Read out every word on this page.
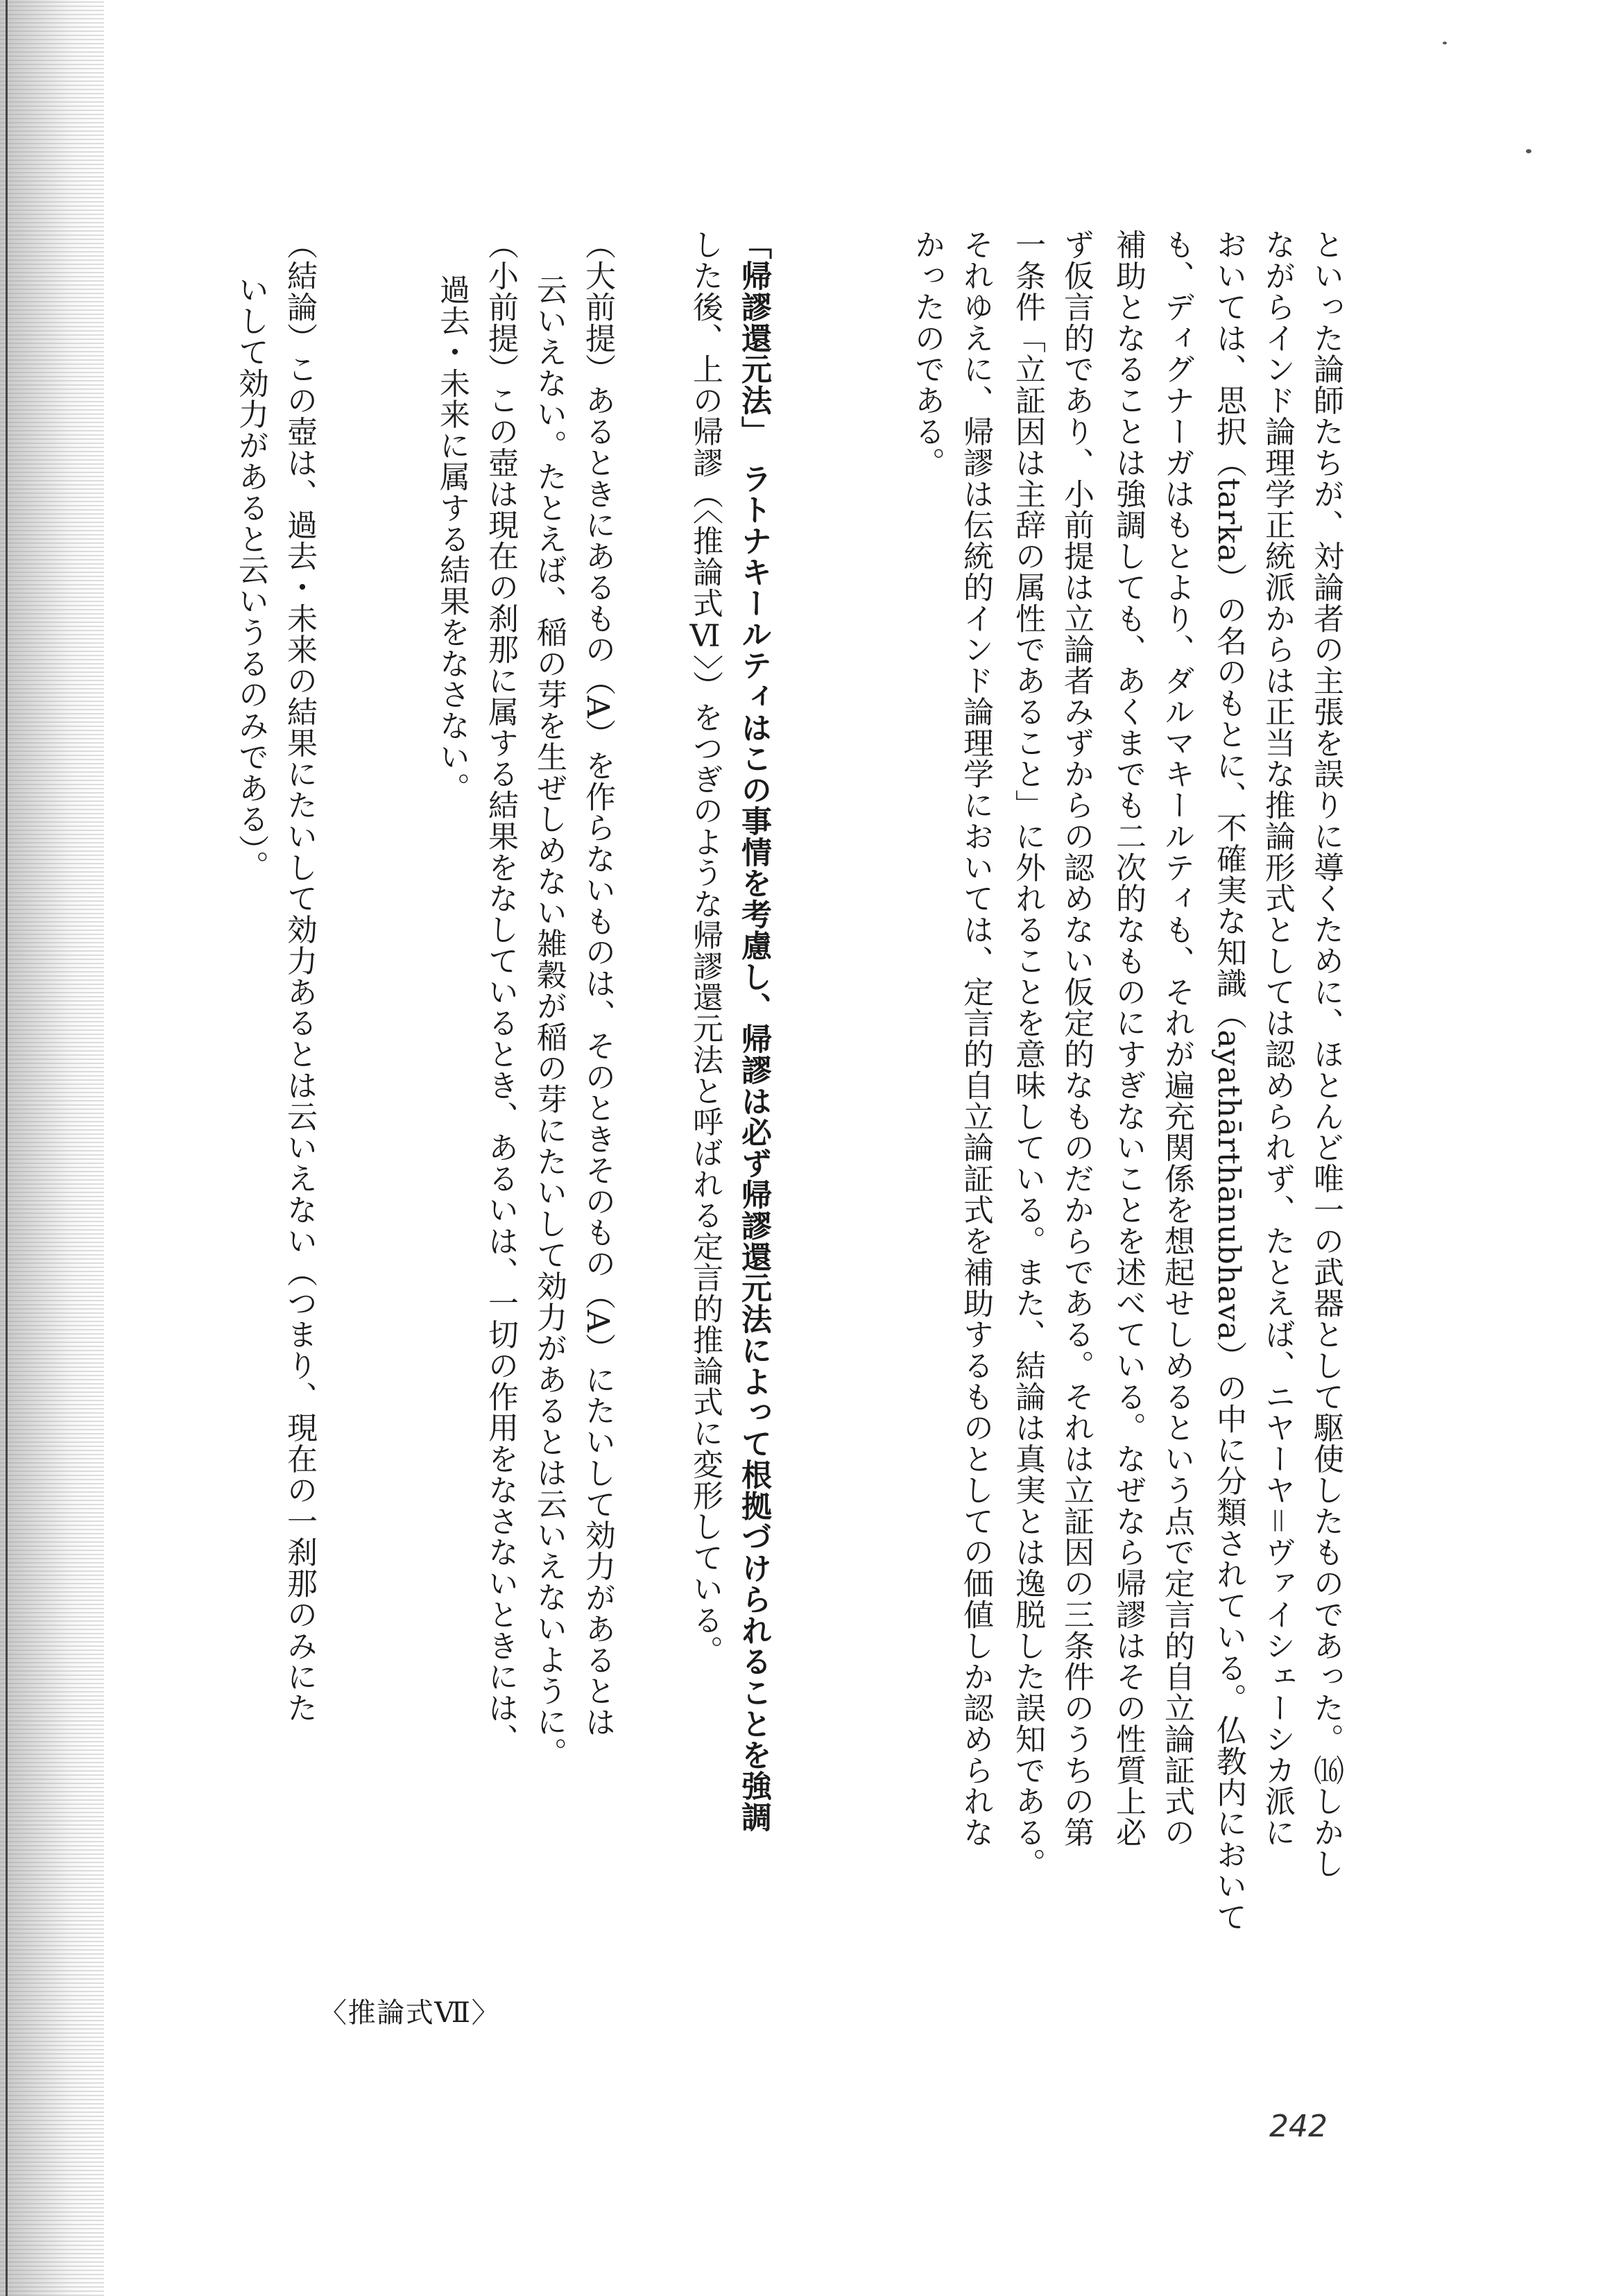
といった論師たちが、対論者の主張を誤りに導くために、ほとんど唯一の武器として駆使したものであった。⒃しかし
ながらインド論理学正統派からは正当な推論形式としては認められず、たとえば、ニヤーヤ＝ヴァイシェーシカ派に
おいては、思択（tarka）の名のもとに、不確実な知識（ayathārthānubhava）の中に分類されている。仏教内において
も、ディグナーガはもとより、ダルマキールティも、それが遍充関係を想起せしめるという点で定言的自立論証式の
補助となることは強調しても、あくまでも二次的なものにすぎないことを述べている。なぜなら帰謬はその性質上必
ず仮言的であり、小前提は立論者みずからの認めない仮定的なものだからである。それは立証因の三条件のうちの第
一条件「立証因は主辞の属性であること」に外れることを意味している。また、結論は真実とは逸脱した誤知である。
それゆえに、帰謬は伝統的インド論理学においては、定言的自立論証式を補助するものとしての価値しか認められな
かったのである。
「帰謬還元法」　ラトナキールティはこの事情を考慮し、帰謬は必ず帰謬還元法によって根拠づけられることを強調
した後、上の帰謬（〈推論式Ⅵ〉）をつぎのような帰謬還元法と呼ばれる定言的推論式に変形している。
（大前提）あるときにあるもの（A）を作らないものは、そのときそのもの（A）にたいして効力があるとは
云いえない。たとえば、稲の芽を生ぜしめない雑穀が稲の芽にたいして効力があるとは云いえないように。
（小前提）この壺は現在の刹那に属する結果をなしているとき、あるいは、一切の作用をなさないときには、
過去・未来に属する結果をなさない。
（結論）この壺は、過去・未来の結果にたいして効力あるとは云いえない（つまり、現在の一刹那のみにた
いして効力があると云いうるのみである）。
〈推論式Ⅶ〉
242
